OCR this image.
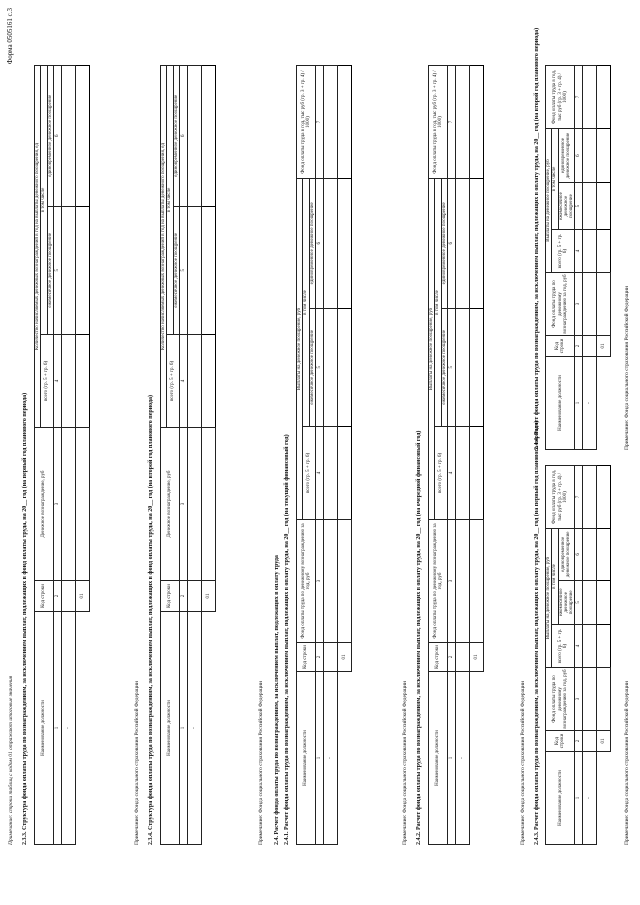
Форма 0505161 с.3
2.3.3. Структура фонда оплаты труда по вознаграждениям, за исключением выплат, подлежащих в фонд оплаты труда, на 20__ год (на первый год планового периода)	Наименование должности	Код строки	Денежное вознаграждение, руб	Количество начисляемых денежных вознаграждений в год на выплаты денежного поощрения, ед		
			всего (гр. 5 + гр. 6)	в том числе	
				ежемесячное денежное поощрение	единовременное денежное поощрение
1	2	3	4	5	6
-					
	01				
Примечание: Фонда социального страхования Российской Федерации 2.3.4. Структура фонда оплаты труда по вознаграждениям, за исключением выплат, подлежащих в фонд оплаты труда, на 20__ год (на второй год планового периода)	Наименование должности	Код строки	Денежное вознаграждение, руб	Количество начисляемых денежных вознаграждений в год на выплаты денежного поощрения, ед		
			всего (гр. 5 + гр. 6)	в том числе	
				ежемесячное денежное поощрение	единовременное денежное поощрение
1	2	3	4	5	6
-					
	01				
Примечание: Фонда социального страхования Российской Федерации 2.4. Расчет фонда оплаты труда по вознаграждениям, за исключением выплат, подлежащих в оплату труда 2.4.1. Расчет фонда оплаты труда по вознаграждениям, за исключением выплат, подлежащих в оплату труда, на 20__ год (на текущий финансовый год)	Наименование должности	Код строки	Фонд оплаты труда по денежному вознаграждению за год, руб	Выплаты на денежное поощрение, руб			Фонд оплаты труда в год, тыс руб (гр. 3 + гр. 4) / 1000)
			всего (гр. 5 + гр. 6)	в том числе		
				ежемесячное денежное поощрение	единовременное денежное поощрение	
1	2	3	4	5	6	7
-						
	01					
Примечание: Фонда социального страхования Российской Федерации 2.4.2. Расчет фонда оплаты труда по вознаграждениям, за исключением выплат, подлежащих в оплату труда, на 20__ год (на очередной финансовый год)	Наименование должности	Код строки	Фонд оплаты труда по денежному вознаграждению за год, руб	Выплаты на денежное поощрение, руб			Фонд оплаты труда в год, тыс руб (гр. 3 + гр. 4) / 1000)
			всего (гр. 5 + гр. 6)	в том числе		
				ежемесячное денежное поощрение	единовременное денежное поощрение	
1	2	3	4	5	6	7
-						
	01					
Примечание: Фонда социального страхования Российской Федерации 2.4.3. Расчет фонда оплаты труда по вознаграждениям, за исключением выплат, подлежащих в оплату труда, на 20__ год (на первый год планового периода)	Наименование должности	Код строки	Фонд оплаты труда по денежному вознаграждению за год, руб	Выплаты на денежное поощрение, руб			Фонд оплаты труда в год, тыс руб (гр. 3 + гр. 4) / 1000)
			всего (гр. 5 + гр. 6)	в том числе		
				ежемесячное денежное поощрение	единовременное денежное поощрение	
1	2	3	4	5	6	7
-						
	01						Примечание: Фонда социального страхования Российской Федерации
2.4.4. Расчет фонда оплаты труда по вознаграждениям, за исключением выплат, подлежащих в оплату труда, на 20__ год (на второй год планового периода)	Наименование должности	Код строки	Фонд оплаты труда по денежному вознаграждению за год, руб	Выплаты на денежное поощрение, руб			Фонд оплаты труда в год, тыс руб (гр. 3 + гр. 4) / 1000)
			всего (гр. 5 + гр. 6)	в том числе		
				ежемесячное денежное поощрение	единовременное денежное поощрение	
1	2	3	4	5	6	7
-						
	01						Примечание: Фонда социального страхования Российской Федерации
Примечание: строки таблиц с кодом 01 отражают итоговые значения
